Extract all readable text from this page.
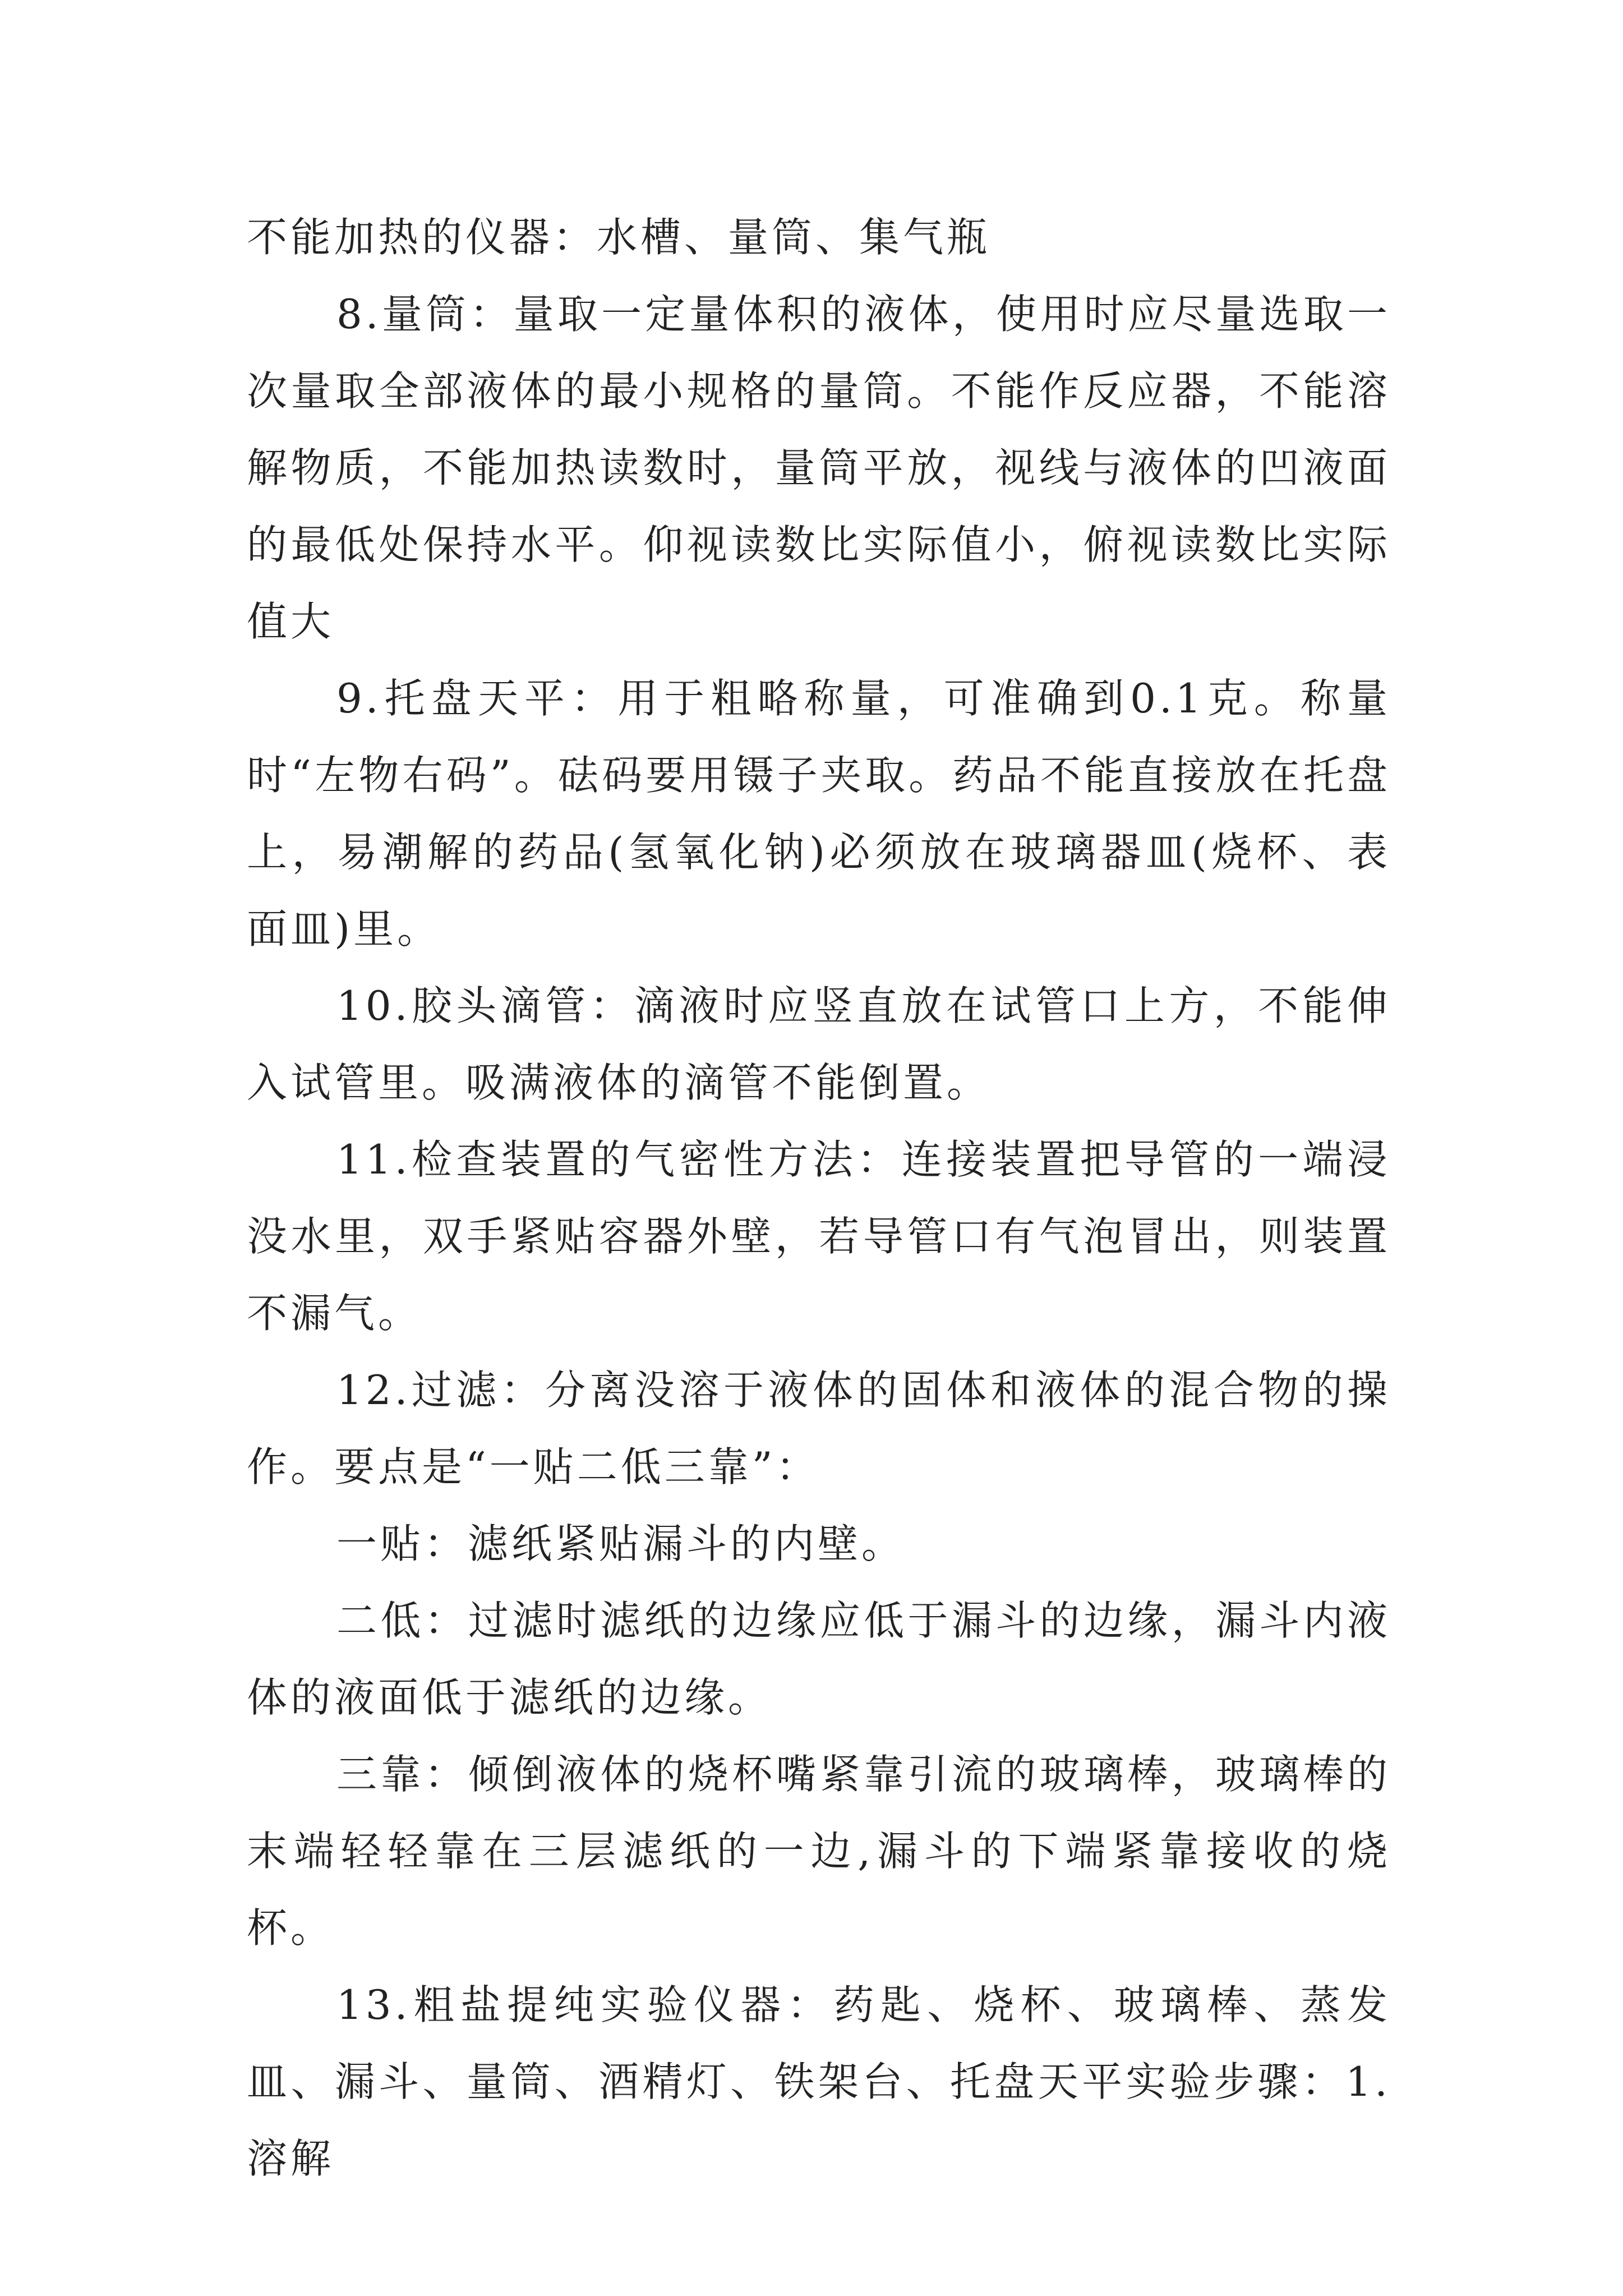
不能加热的仪器：水槽、量筒、集气瓶

8.量筒：量取一定量体积的液体，使用时应尽量选取一次量取全部液体的最小规格的量筒。不能作反应器，不能溶解物质，不能加热读数时，量筒平放，视线与液体的凹液面的最低处保持水平。仰视读数比实际值小，俯视读数比实际值大

9.托盘天平：用于粗略称量，可准确到0.1克。称量时“左物右码”。砝码要用镊子夹取。药品不能直接放在托盘上，易潮解的药品(氢氧化钠)必须放在玻璃器皿(烧杯、表面皿)里。

10.胶头滴管：滴液时应竖直放在试管口上方，不能伸入试管里。吸满液体的滴管不能倒置。

11.检查装置的气密性方法：连接装置把导管的一端浸没水里，双手紧贴容器外壁，若导管口有气泡冒出，则装置不漏气。

12.过滤：分离没溶于液体的固体和液体的混合物的操作。要点是“一贴二低三靠”：

一贴：滤纸紧贴漏斗的内壁。

二低：过滤时滤纸的边缘应低于漏斗的边缘，漏斗内液体的液面低于滤纸的边缘。

三靠：倾倒液体的烧杯嘴紧靠引流的玻璃棒，玻璃棒的末端轻轻靠在三层滤纸的一边,漏斗的下端紧靠接收的烧杯。

13.粗盐提纯实验仪器：药匙、烧杯、玻璃棒、蒸发皿、漏斗、量筒、酒精灯、铁架台、托盘天平实验步骤：1.溶解
